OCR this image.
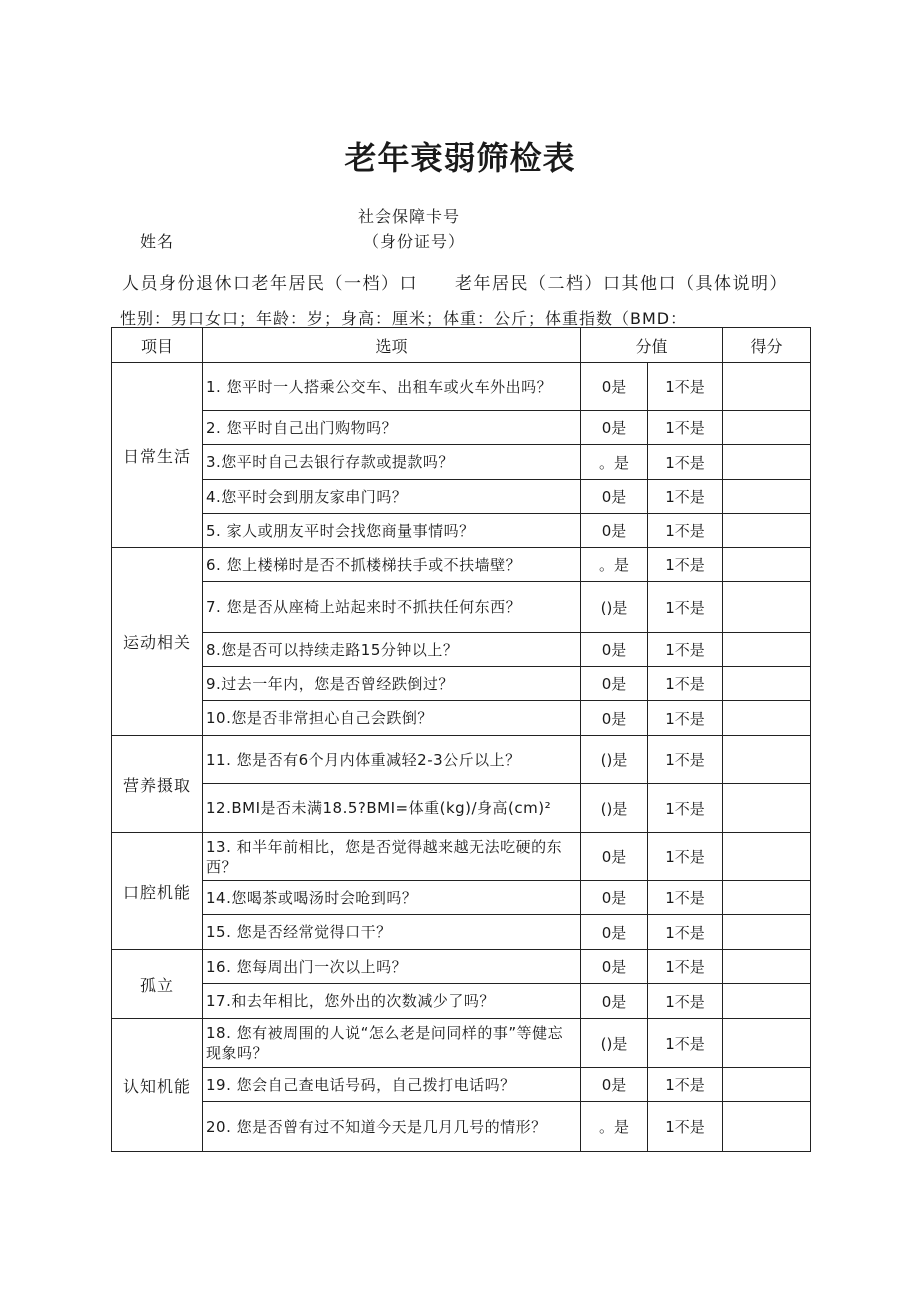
老年衰弱筛检表
社会保障卡号
姓名	（身份证号）
人员身份退休口老年居民（一档）口　　老年居民（二档）口其他口（具体说明）
性别：男口女口；年龄：岁；身高：厘米；体重：公斤；体重指数（BMD：
项目	选项	分值		得分
日常生活	1. 您平时一人搭乘公交车、出租车或火车外出吗？	0是	1不是	
	2. 您平时自己出门购物吗？	0是	1不是	
	3.您平时自己去银行存款或提款吗？	。是	1不是	
	4.您平时会到朋友家串门吗？	0是	1不是	
	5. 家人或朋友平时会找您商量事情吗？	0是	1不是	
运动相关	6. 您上楼梯时是否不抓楼梯扶手或不扶墙壁？	。是	1不是	
	7. 您是否从座椅上站起来时不抓扶任何东西？	()是	1不是	
	8.您是否可以持续走路15分钟以上？	0是	1不是	
	9.过去一年内，您是否曾经跌倒过？	0是	1不是	
	10.您是否非常担心自己会跌倒？	0是	1不是	
营养摄取	11. 您是否有6个月内体重减轻2-3公斤以上？	()是	1不是	
	12.BMI是否未满18.5?BMI=体重(kg)/身高(cm)²	()是	1不是	
口腔机能	13. 和半年前相比，您是否觉得越来越无法吃硬的东西？	0是	1不是	
	14.您喝茶或喝汤时会呛到吗？	0是	1不是	
	15. 您是否经常觉得口干？	0是	1不是	
孤立	16. 您每周出门一次以上吗？	0是	1不是	
	17.和去年相比，您外出的次数减少了吗？	0是	1不是	
认知机能	18. 您有被周围的人说“怎么老是问同样的事”等健忘现象吗？	()是	1不是	
	19. 您会自己查电话号码，自己拨打电话吗？	0是	1不是	
	20. 您是否曾有过不知道今天是几月几号的情形？	。是	1不是	
